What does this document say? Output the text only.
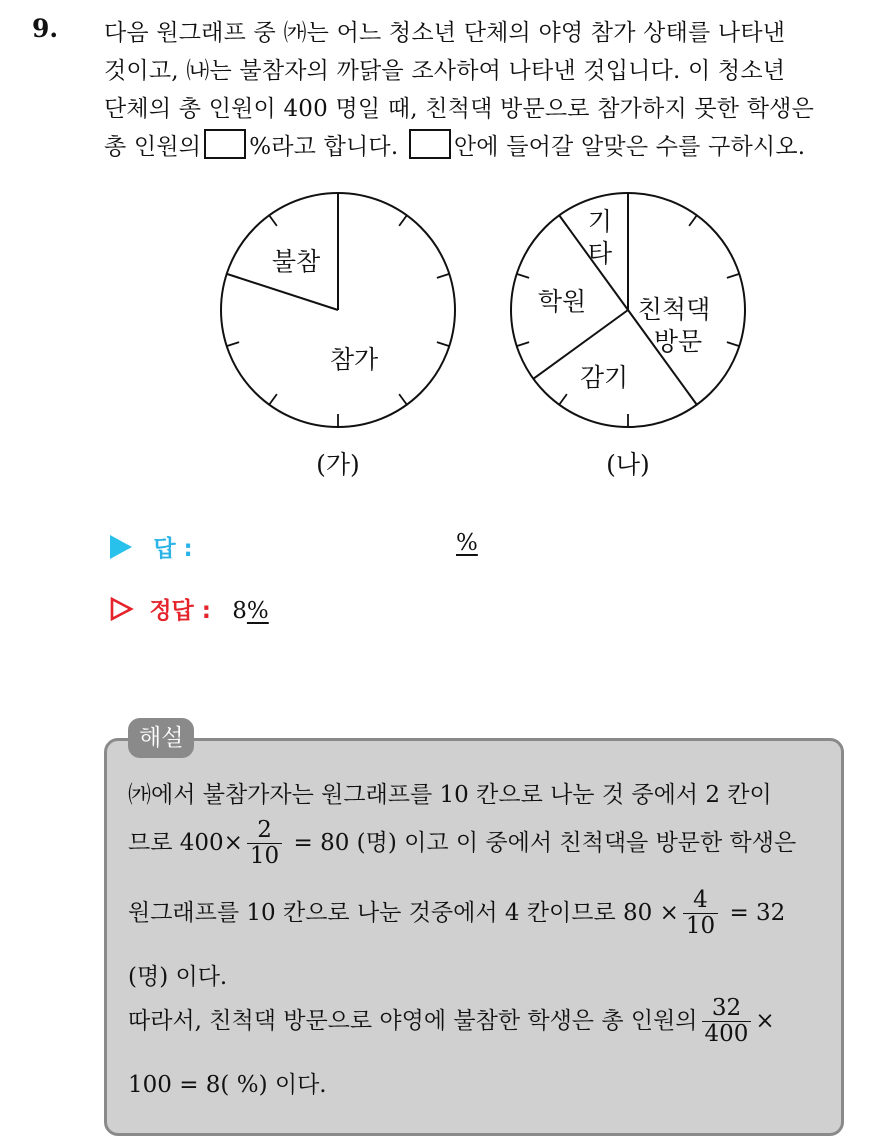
9. 다음 원그래프 중 ㈎는 어느 청소년 단체의 야영 참가 상태를 나타낸
것이고, ㈏는 불참자의 까닭을 조사하여 나타낸 것입니다. 이 청소년
단체의 총 인원이 400 명일 때, 친척댁 방문으로 참가하지 못한 학생은
총 인원의 %라고 합니다. 안에 들어갈 알맞은 수를 구하시오.
불참
참가
(가)
기
타
학원 친척댁
방문
감기
(나)
답 :	%
정답 : 8%
해설
㈎에서 불참가자는 원그래프를 10 칸으로 나눈 것 중에서 2 칸이
므로 $400\times \frac{2}{10} = 80$ (명) 이고 이 중에서 친척댁을 방문한 학생은
원그래프를 10 칸으로 나눈 것중에서 4 칸이므로 $80 \times \frac{4}{10} = 32$
(명) 이다.
따라서, 친척댁 방문으로 야영에 불참한 학생은 총 인원의 $\frac{32}{400}$ ×
100 = 8( %) 이다.
